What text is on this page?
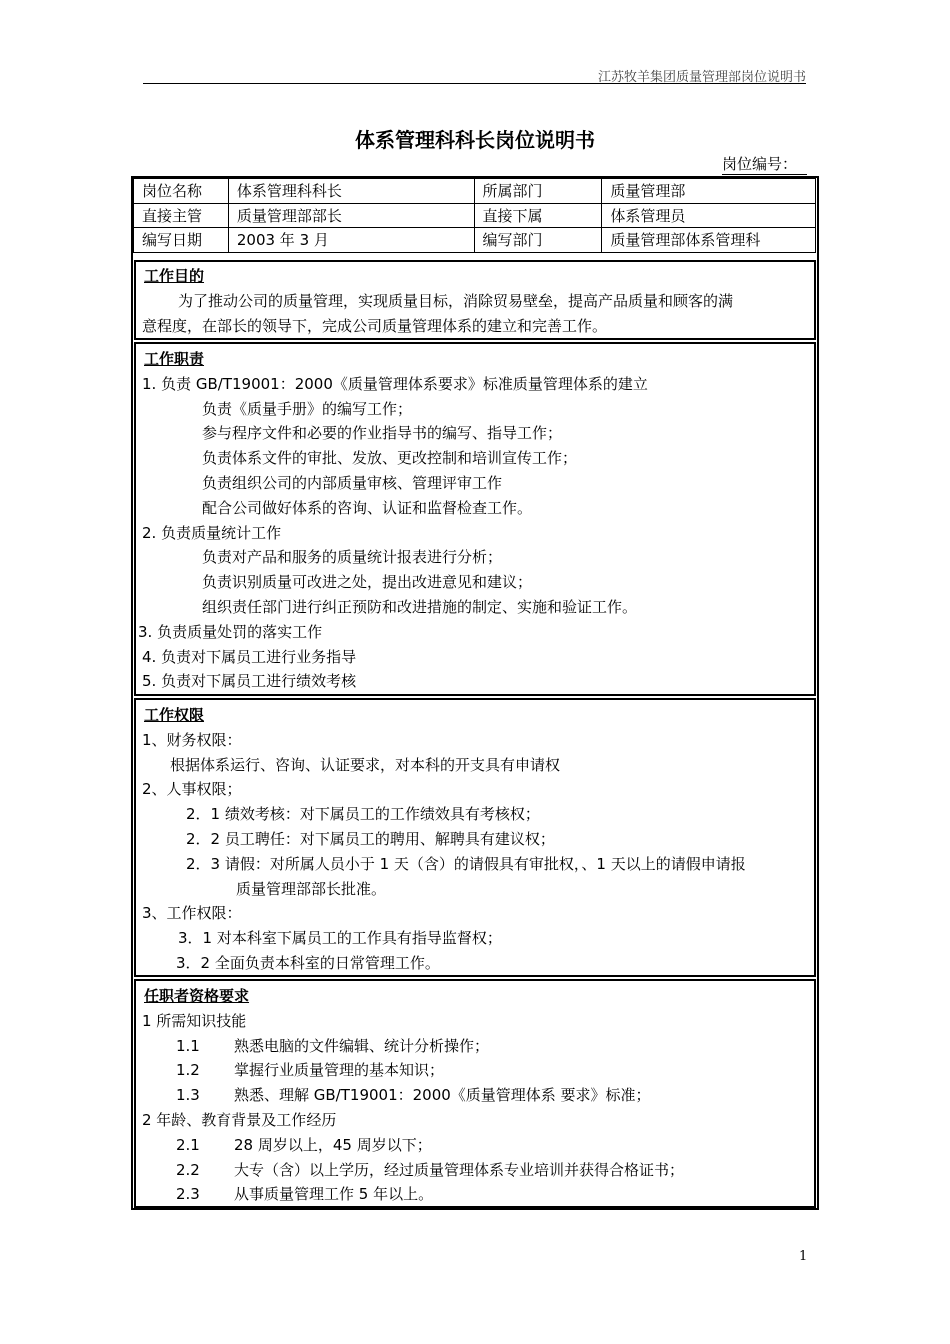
江苏牧羊集团质量管理部岗位说明书
体系管理科科长岗位说明书
岗位编号：
岗位名称	体系管理科科长	所属部门	质量管理部
直接主管	质量管理部部长	直接下属	体系管理员
编写日期	2003 年 3 月	编写部门	质量管理部体系管理科
工作目的
为了推动公司的质量管理，实现质量目标，消除贸易壁垒，提高产品质量和顾客的满
意程度，在部长的领导下，完成公司质量管理体系的建立和完善工作。
工作职责
1. 负责 GB/T19001：2000《质量管理体系要求》标准质量管理体系的建立
负责《质量手册》的编写工作；
参与程序文件和必要的作业指导书的编写、指导工作；
负责体系文件的审批、发放、更改控制和培训宣传工作；
负责组织公司的内部质量审核、管理评审工作
配合公司做好体系的咨询、认证和监督检查工作。
2. 负责质量统计工作
负责对产品和服务的质量统计报表进行分析；
负责识别质量可改进之处，提出改进意见和建议；
组织责任部门进行纠正预防和改进措施的制定、实施和验证工作。
3. 负责质量处罚的落实工作
4. 负责对下属员工进行业务指导
5. 负责对下属员工进行绩效考核
工作权限
1、财务权限：
根据体系运行、咨询、认证要求，对本科的开支具有申请权
2、人事权限；
2．1 绩效考核：对下属员工的工作绩效具有考核权；
2．2 员工聘任：对下属员工的聘用、解聘具有建议权；
2．3 请假：对所属人员小于 1 天（含）的请假具有审批权，、1 天以上的请假申请报
质量管理部部长批准。
3、工作权限：
3．1 对本科室下属员工的工作具有指导监督权；
3．2 全面负责本科室的日常管理工作。
任职者资格要求
1 所需知识技能
1.1 熟悉电脑的文件编辑、统计分析操作；
1.2 掌握行业质量管理的基本知识；
1.3 熟悉、理解 GB/T19001：2000《质量管理体系 要求》标准；
2 年龄、教育背景及工作经历
2.1 28 周岁以上，45 周岁以下；
2.2 大专（含）以上学历，经过质量管理体系专业培训并获得合格证书；
2.3 从事质量管理工作 5 年以上。
1
